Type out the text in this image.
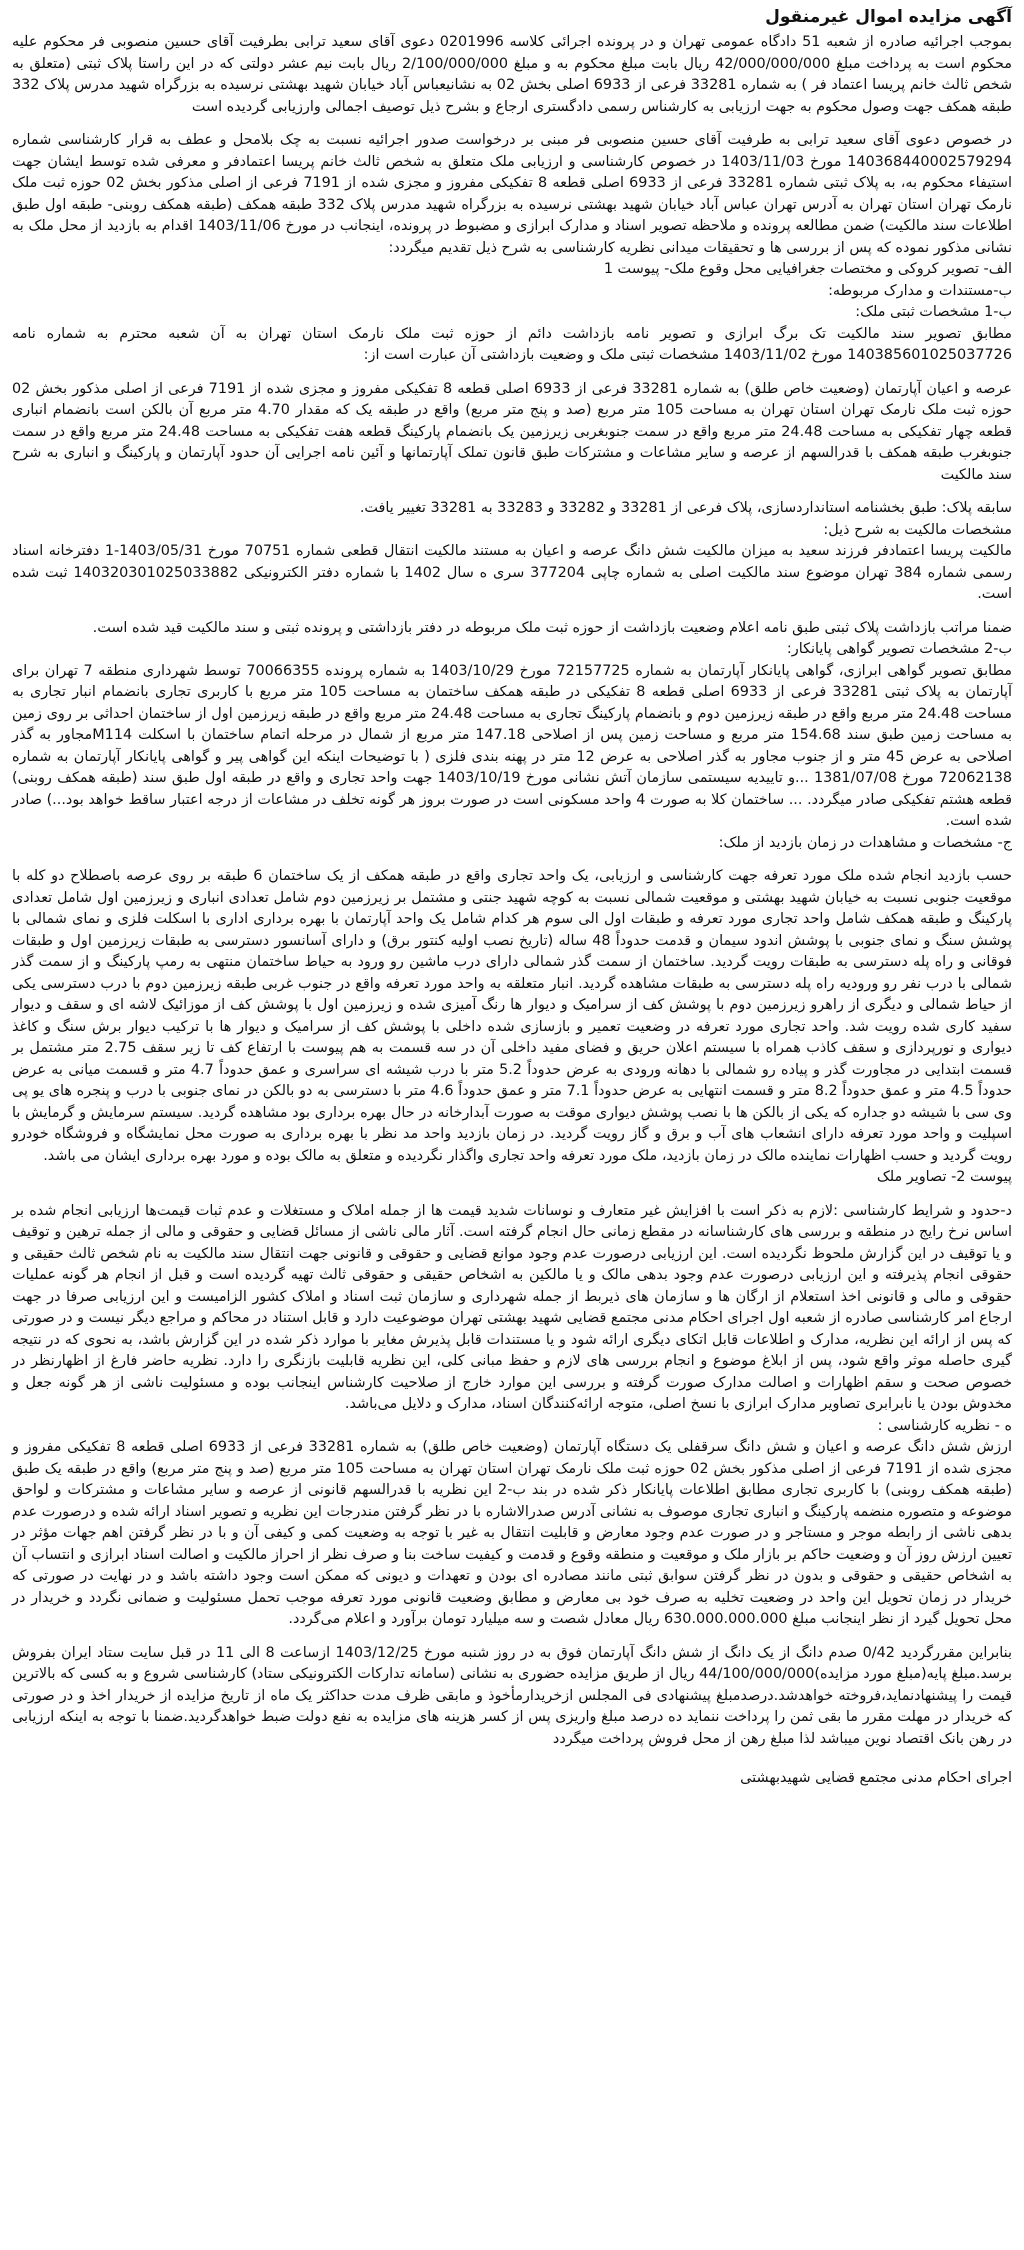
آگهی مزایده اموال غیرمنقول
بموجب اجرائیه صادره از شعبه 51 دادگاه عمومی تهران و در پرونده اجرائی کلاسه 0201996 دعوی آقای سعید ترابی بطرفیت آقای حسین منصوبی فر محکوم علیه محکوم است به پرداخت مبلغ 42/000/000/000 ریال بابت مبلغ محکوم به و مبلغ 2/100/000/000 ریال بابت نیم عشر دولتی که در این راستا پلاک ثبتی (متعلق به شخص ثالث خانم پریسا اعتماد فر ) به شماره 33281 فرعی از 6933 اصلی بخش 02 به نشانیعباس آباد خیابان شهید بهشتی نرسیده به بزرگراه شهید مدرس پلاک 332 طبقه همکف جهت وصول محکوم به جهت ارزیابی به کارشناس رسمی دادگستری ارجاع و بشرح ذیل توصیف اجمالی وارزیابی گردیده است
در خصوص دعوی آقای سعید ترابی به طرفیت آقای حسین منصوبی فر مبنی بر درخواست صدور اجرائیه نسبت به چک بلامحل و عطف به قرار کارشناسی شماره 140368440002579294 مورخ 1403/11/03 در خصوص کارشناسی و ارزیابی ملک متعلق به شخص ثالث خانم پریسا اعتمادفر و معرفی شده توسط ایشان جهت استیفاء محکوم به، به پلاک ثبتی شماره 33281 فرعی از 6933 اصلی قطعه 8 تفکیکی مفروز و مجزی شده از 7191 فرعی از اصلی مذکور بخش 02 حوزه ثبت ملک نارمک تهران استان تهران به آدرس تهران عباس آباد خیابان شهید بهشتی نرسیده به بزرگراه شهید مدرس پلاک 332 طبقه همکف (طبقه همکف روبنی- طبقه اول طبق اطلاعات سند مالکیت) ضمن مطالعه پرونده و ملاحظه تصویر اسناد و مدارک ابرازی و مضبوط در پرونده، اینجانب در مورخ 1403/11/06 اقدام به بازدید از محل ملک به نشانی مذکور نموده که پس از بررسی ها و تحقیقات میدانی نظریه کارشناسی به شرح ذیل تقدیم میگردد:
الف- تصویر کروکی و مختصات جغرافیایی محل وقوع ملک- پیوست 1
ب-مستندات و مدارک مربوطه:
ب-1 مشخصات ثبتی ملک:
مطابق تصویر سند مالکیت تک برگ ابرازی و تصویر نامه بازداشت دائم از حوزه ثبت ملک نارمک استان تهران به آن شعبه محترم به شماره نامه 140385601025037726 مورخ 1403/11/02 مشخصات ثبتی ملک و وضعیت بازداشتی آن عبارت است از:
عرصه و اعیان آپارتمان (وضعیت خاص طلق) به شماره 33281 فرعی از 6933 اصلی قطعه 8 تفکیکی مفروز و مجزی شده از 7191 فرعی از اصلی مذکور بخش 02 حوزه ثبت ملک نارمک تهران استان تهران به مساحت 105 متر مربع (صد و پنج متر مربع) واقع در طبقه یک که مقدار 4.70 متر مربع آن بالکن است بانضمام انباری قطعه چهار تفکیکی به مساحت 24.48 متر مربع واقع در سمت جنوبغربی زیرزمین یک بانضمام پارکینگ قطعه هفت تفکیکی به مساحت 24.48 متر مربع واقع در سمت جنوبغرب طبقه همکف با قدرالسهم از عرصه و سایر مشاعات و مشترکات طبق قانون تملک آپارتمانها و آئین نامه اجرایی آن حدود آپارتمان و پارکینگ و انباری به شرح سند مالکیت
سابقه پلاک: طبق بخشنامه استانداردسازی، پلاک فرعی از 33281 و 33282 و 33283 به 33281 تغییر یافت.
مشخصات مالکیت به شرح ذیل:
مالکیت پریسا اعتمادفر فرزند سعید به میزان مالکیت شش دانگ عرصه و اعیان به مستند مالکیت انتقال قطعی شماره 70751 مورخ 1403/05/31-1 دفترخانه اسناد رسمی شماره 384 تهران موضوع سند مالکیت اصلی به شماره چاپی 377204 سری ه سال 1402 با شماره دفتر الکترونیکی 140320301025033882 ثبت شده است.
ضمنا مراتب بازداشت پلاک ثبتی طبق نامه اعلام وضعیت بازداشت از حوزه ثبت ملک مربوطه در دفتر بازداشتی و پرونده ثبتی و سند مالکیت قید شده است.
ب-2 مشخصات تصویر گواهی پایانکار:
مطابق تصویر گواهی ابرازی، گواهی پایانکار آپارتمان به شماره 72157725 مورخ 1403/10/29 به شماره پرونده 70066355 توسط شهرداری منطقه 7 تهران برای آپارتمان به پلاک ثبتی 33281 فرعی از 6933 اصلی قطعه 8 تفکیکی در طبقه همکف ساختمان به مساحت 105 متر مربع با کاربری تجاری بانضمام انبار تجاری به مساحت 24.48 متر مربع واقع در طبقه زیرزمین دوم و بانضمام پارکینگ تجاری به مساحت 24.48 متر مربع واقع در طبقه زیرزمین اول از ساختمان احداثی بر روی زمین به مساحت زمین طبق سند 154.68 متر مربع و مساحت زمین پس از اصلاحی 147.18 متر مربع از شمال در مرحله اتمام ساختمان با اسکلت M114مجاور به گذر اصلاحی به عرض 45 متر و از جنوب مجاور به گذر اصلاحی به عرض 12 متر در پهنه بندی فلزی ( با توضیحات اینکه این گواهی پیر و گواهی پایانکار آپارتمان به شماره 72062138 مورخ 1381/07/08 ...و تاییدیه سیستمی سازمان آتش نشانی مورخ 1403/10/19 جهت واحد تجاری و واقع در طبقه اول طبق سند (طبقه همکف روبنی) قطعه هشتم تفکیکی صادر میگردد. ... ساختمان کلا به صورت 4 واحد مسکونی است در صورت بروز هر گونه تخلف در مشاعات از درجه اعتبار ساقط خواهد بود...) صادر شده است.
ج- مشخصات و مشاهدات در زمان بازدید از ملک:
حسب بازدید انجام شده ملک مورد تعرفه جهت کارشناسی و ارزیابی، یک واحد تجاری واقع در طبقه همکف از یک ساختمان 6 طبقه بر روی عرصه باصطلاح دو کله با موقعیت جنوبی نسبت به خیابان شهید بهشتی و موقعیت شمالی نسبت به کوچه شهید جنتی و مشتمل بر زیرزمین دوم شامل تعدادی انباری و زیرزمین اول شامل تعدادی پارکینگ و طبقه همکف شامل واحد تجاری مورد تعرفه و طبقات اول الی سوم هر کدام شامل یک واحد آپارتمان با بهره برداری اداری با اسکلت فلزی و نمای شمالی با پوشش سنگ و نمای جنوبی با پوشش اندود سیمان و قدمت حدوداً 48 ساله (تاریخ نصب اولیه کنتور برق) و دارای آسانسور دسترسی به طبقات زیرزمین اول و طبقات فوقانی و راه پله دسترسی به طبقات رویت گردید. ساختمان از سمت گذر شمالی دارای درب ماشین رو ورود به حیاط ساختمان منتهی به رمپ پارکینگ و از سمت گذر شمالی با درب نفر رو ورودیه راه پله دسترسی به طبقات مشاهده گردید. انبار متعلقه به واحد مورد تعرفه واقع در جنوب غربی طبقه زیرزمین دوم با درب دسترسی یکی از حیاط شمالی و دیگری از راهرو زیرزمین دوم با پوشش کف از سرامیک و دیوار ها رنگ آمیزی شده و زیرزمین اول با پوشش کف از موزائیک لاشه ای و سقف و دیوار سفید کاری شده رویت شد. واحد تجاری مورد تعرفه در وضعیت تعمیر و بازسازی شده داخلی با پوشش کف از سرامیک و دیوار ها با ترکیب دیوار برش سنگ و کاغذ دیواری و نورپردازی و سقف کاذب همراه با سیستم اعلان حریق و فضای مفید داخلی آن در سه قسمت به هم پیوست با ارتفاع کف تا زیر سقف 2.75 متر مشتمل بر قسمت ابتدایی در مجاورت گذر و پیاده رو شمالی با دهانه ورودی به عرض حدوداً 5.2 متر با درب شیشه ای سراسری و عمق حدوداً 4.7 متر و قسمت میانی به عرض حدوداً 4.5 متر و عمق حدوداً 8.2 متر و قسمت انتهایی به عرض حدوداً 7.1 متر و عمق حدوداً 4.6 متر با دسترسی به دو بالکن در نمای جنوبی با درب و پنجره های یو پی وی سی با شیشه دو جداره که یکی از بالکن ها با نصب پوشش دیواری موقت به صورت آبدارخانه در حال بهره برداری بود مشاهده گردید. سیستم سرمایش و گرمایش با اسپلیت و واحد مورد تعرفه دارای انشعاب های آب و برق و گاز رویت گردید. در زمان بازدید واحد مد نظر با بهره برداری به صورت محل نمایشگاه و فروشگاه خودرو رویت گردید و حسب اظهارات نماینده مالک در زمان بازدید، ملک مورد تعرفه واحد تجاری واگذار نگردیده و متعلق به مالک بوده و مورد بهره برداری ایشان می باشد.
پیوست 2- تصاویر ملک
د-حدود و شرایط کارشناسی :لازم به ذکر است با افزایش غیر متعارف و نوسانات شدید قیمت ها از جمله املاک و مستغلات و عدم ثبات قیمت‌ها ارزیابی انجام شده بر اساس نرخ رایج در منطقه و بررسی های کارشناسانه در مقطع زمانی حال انجام گرفته است. آثار مالی ناشی از مسائل قضایی و حقوقی و مالی از جمله ترهین و توقیف و یا توقیف در این گزارش ملحوظ نگردیده است. این ارزیابی درصورت عدم وجود موانع قضایی و حقوقی و قانونی جهت انتقال سند مالکیت به نام شخص ثالث حقیقی و حقوقی انجام پذیرفته و این ارزیابی درصورت عدم وجود بدهی مالک و یا مالکین به اشخاص حقیقی و حقوقی ثالث تهیه گردیده است و قبل از انجام هر گونه عملیات حقوقی و مالی و قانونی اخذ استعلام از ارگان ها و سازمان های ذیربط از جمله شهرداری و سازمان ثبت اسناد و املاک کشور الزامیست و این ارزیابی صرفا در جهت ارجاع امر کارشناسی صادره از شعبه اول اجرای احکام مدنی مجتمع قضایی شهید بهشتی تهران موضوعیت دارد و قابل استناد در محاکم و مراجع دیگر نیست و در صورتی که پس از ارائه این نظریه، مدارک و اطلاعات قابل اتکای دیگری ارائه شود و یا مستندات قابل پذیرش مغایر با موارد ذکر شده در این گزارش باشد، به نحوی که در نتیجه گیری حاصله موثر واقع شود، پس از ابلاغ موضوع و انجام بررسی های لازم و حفظ مبانی کلی، این نظریه قابلیت بازنگری را دارد. نظریه حاضر فارغ از اظهارنظر در خصوص صحت و سقم اظهارات و اصالت مدارک صورت گرفته و بررسی این موارد خارج از صلاحیت کارشناس اینجانب بوده و مسئولیت ناشی از هر گونه جعل و مخدوش بودن یا نابرابری تصاویر مدارک ابرازی با نسخ اصلی، متوجه ارائه‌کنندگان اسناد، مدارک و دلایل می‌باشد.
ه - نظریه کارشناسی :
ارزش شش دانگ عرصه و اعیان و شش دانگ سرقفلی یک دستگاه آپارتمان (وضعیت خاص طلق) به شماره 33281 فرعی از 6933 اصلی قطعه 8 تفکیکی مفروز و مجزی شده از 7191 فرعی از اصلی مذکور بخش 02 حوزه ثبت ملک نارمک تهران استان تهران به مساحت 105 متر مربع (صد و پنج متر مربع) واقع در طبقه یک طبق (طبقه همکف روبنی) با کاربری تجاری مطابق اطلاعات پایانکار ذکر شده در بند ب-2 این نظریه با قدرالسهم قانونی از عرصه و سایر مشاعات و مشترکات و لواحق موضوعه و متصوره منضمه پارکینگ و انباری تجاری موصوف به نشانی آدرس صدرالاشاره با در نظر گرفتن مندرجات این نظریه و تصویر اسناد ارائه شده و درصورت عدم بدهی ناشی از رابطه موجر و مستاجر و در صورت عدم وجود معارض و قابلیت انتقال به غیر با توجه به وضعیت کمی و کیفی آن و با در نظر گرفتن اهم جهات مؤثر در تعیین ارزش روز آن و وضعیت حاکم بر بازار ملک و موقعیت و منطقه وقوع و قدمت و کیفیت ساخت بنا و صرف نظر از احراز مالکیت و اصالت اسناد ابرازی و انتساب آن به اشخاص حقیقی و حقوقی و بدون در نظر گرفتن سوابق ثبتی مانند مصادره ای بودن و تعهدات و دیونی که ممکن است وجود داشته باشد و در نهایت در صورتی که خریدار در زمان تحویل این واحد در وضعیت تخلیه به صرف خود بی معارض و مطابق وضعیت قانونی مورد تعرفه موجب تحمل مسئولیت و ضمانی نگردد و خریدار در محل تحویل گیرد از نظر اینجانب مبلغ 630.000.000.000 ریال معادل شصت و سه میلیارد تومان برآورد و اعلام می‌گردد.
بنابراین مقررگردید 0/42 صدم دانگ از یک دانگ از شش دانگ آپارتمان فوق به در روز شنبه مورخ 1403/12/25 ازساعت 8 الی 11 در قبل سایت ستاد ایران بفروش برسد.مبلغ پایه(مبلغ مورد مزایده)44/100/000/000 ریال از طریق مزایده حضوری به نشانی (سامانه تدارکات الکترونیکی ستاد) کارشناسی شروع و به کسی که بالاترین قیمت را پیشنهادنماید،فروخته خواهدشد.درصدمبلغ پیشنهادی فی المجلس ازخریدارمأخوذ و مابقی ظرف مدت حداکثر یک ماه از تاریخ مزایده از خریدار اخذ و در صورتی که خریدار در مهلت مقرر ما بقی ثمن را پرداخت ننماید ده درصد مبلغ واریزی پس از کسر هزینه های مزایده به نفع دولت ضبط خواهدگردید.ضمنا با توجه به اینکه ارزیابی در رهن بانک اقتصاد نوین میباشد لذا مبلغ رهن از محل فروش پرداخت میگردد
اجرای احکام مدنی مجتمع قضایی شهیدبهشتی
